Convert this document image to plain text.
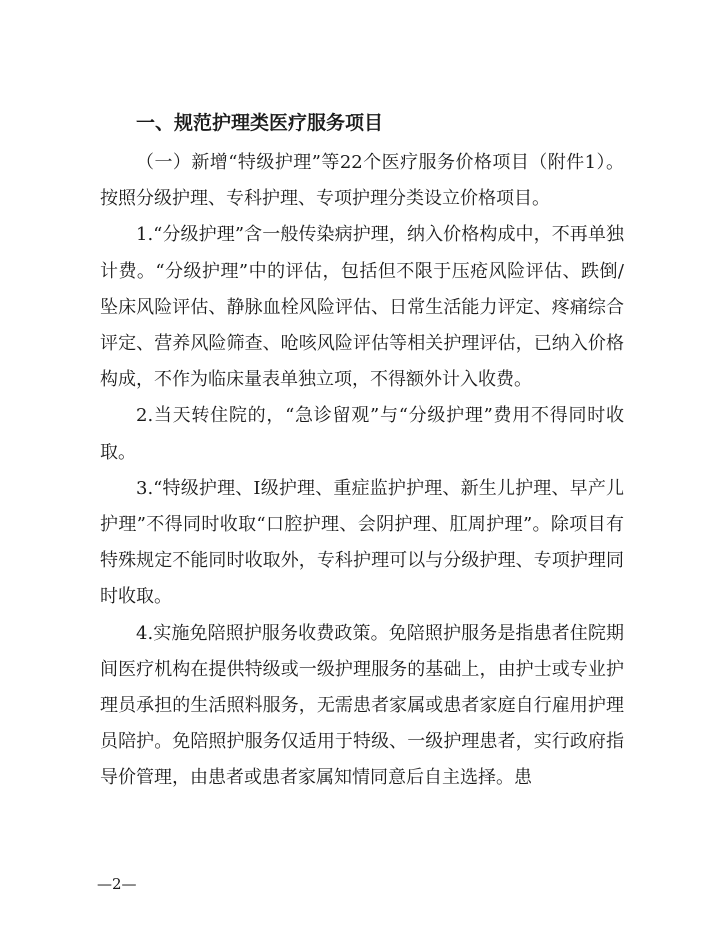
一、规范护理类医疗服务项目

（一）新增“特级护理”等22个医疗服务价格项目（附件1）。按照分级护理、专科护理、专项护理分类设立价格项目。

1.“分级护理”含一般传染病护理，纳入价格构成中，不再单独计费。“分级护理”中的评估，包括但不限于压疮风险评估、跌倒/坠床风险评估、静脉血栓风险评估、日常生活能力评定、疼痛综合评定、营养风险筛查、呛咳风险评估等相关护理评估，已纳入价格构成，不作为临床量表单独立项，不得额外计入收费。

2.当天转住院的，“急诊留观”与“分级护理”费用不得同时收取。

3.“特级护理、Ⅰ级护理、重症监护护理、新生儿护理、早产儿护理”不得同时收取“口腔护理、会阴护理、肛周护理”。除项目有特殊规定不能同时收取外，专科护理可以与分级护理、专项护理同时收取。

4.实施免陪照护服务收费政策。免陪照护服务是指患者住院期间医疗机构在提供特级或一级护理服务的基础上，由护士或专业护理员承担的生活照料服务，无需患者家属或患者家庭自行雇用护理员陪护。免陪照护服务仅适用于特级、一级护理患者，实行政府指导价管理，由患者或患者家属知情同意后自主选择。患

—2—
